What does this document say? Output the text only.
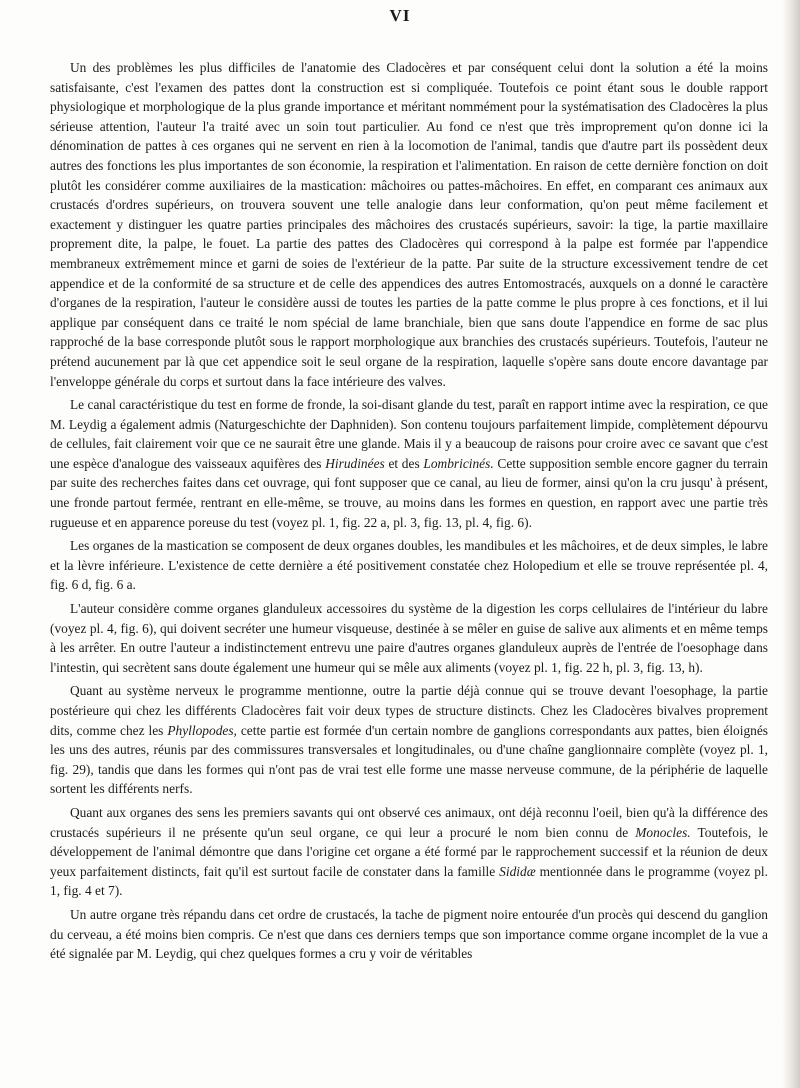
VI

Un des problèmes les plus difficiles de l'anatomie des Cladocères et par conséquent celui dont la solution a été la moins satisfaisante, c'est l'examen des pattes dont la construction est si compliquée. Toutefois ce point étant sous le double rapport physiologique et morphologique de la plus grande importance et méritant nommément pour la systématisation des Cladocères la plus sérieuse attention, l'auteur l'a traité avec un soin tout particulier. Au fond ce n'est que très improprement qu'on donne ici la dénomination de pattes à ces organes qui ne servent en rien à la locomotion de l'animal, tandis que d'autre part ils possèdent deux autres des fonctions les plus importantes de son économie, la respiration et l'alimentation. En raison de cette dernière fonction on doit plutôt les considérer comme auxiliaires de la mastication: mâchoires ou pattes-mâchoires. En effet, en comparant ces animaux aux crustacés d'ordres supérieurs, on trouvera souvent une telle analogie dans leur conformation, qu'on peut même facilement et exactement y distinguer les quatre parties principales des mâchoires des crustacés supérieurs, savoir: la tige, la partie maxillaire proprement dite, la palpe, le fouet. La partie des pattes des Cladocères qui correspond à la palpe est formée par l'appendice membraneux extrêmement mince et garni de soies de l'extérieur de la patte. Par suite de la structure excessivement tendre de cet appendice et de la conformité de sa structure et de celle des appendices des autres Entomostracés, auxquels on a donné le caractère d'organes de la respiration, l'auteur le considère aussi de toutes les parties de la patte comme le plus propre à ces fonctions, et il lui applique par conséquent dans ce traité le nom spécial de lame branchiale, bien que sans doute l'appendice en forme de sac plus rapproché de la base corresponde plutôt sous le rapport morphologique aux branchies des crustacés supérieurs. Toutefois, l'auteur ne prétend aucunement par là que cet appendice soit le seul organe de la respiration, laquelle s'opère sans doute encore davantage par l'enveloppe générale du corps et surtout dans la face intérieure des valves.

Le canal caractéristique du test en forme de fronde, la soi-disant glande du test, paraît en rapport intime avec la respiration, ce que M. Leydig a également admis (Naturgeschichte der Daphniden). Son contenu toujours parfaitement limpide, complètement dépourvu de cellules, fait clairement voir que ce ne saurait être une glande. Mais il y a beaucoup de raisons pour croire avec ce savant que c'est une espèce d'analogue des vaisseaux aquifères des Hirudinées et des Lombricinés. Cette supposition semble encore gagner du terrain par suite des recherches faites dans cet ouvrage, qui font supposer que ce canal, au lieu de former, ainsi qu'on la cru jusqu' à présent, une fronde partout fermée, rentrant en elle-même, se trouve, au moins dans les formes en question, en rapport avec une partie très rugueuse et en apparence poreuse du test (voyez pl. 1, fig. 22 a, pl. 3, fig. 13, pl. 4, fig. 6).

Les organes de la mastication se composent de deux organes doubles, les mandibules et les mâchoires, et de deux simples, le labre et la lèvre inférieure. L'existence de cette dernière a été positivement constatée chez Holopedium et elle se trouve représentée pl. 4, fig. 6 d, fig. 6 a.

L'auteur considère comme organes glanduleux accessoires du système de la digestion les corps cellulaires de l'intérieur du labre (voyez pl. 4, fig. 6), qui doivent secréter une humeur visqueuse, destinée à se mêler en guise de salive aux aliments et en même temps à les arrêter. En outre l'auteur a indistinctement entrevu une paire d'autres organes glanduleux auprès de l'entrée de l'oesophage dans l'intestin, qui secrètent sans doute également une humeur qui se mêle aux aliments (voyez pl. 1, fig. 22 h, pl. 3, fig. 13, h).

Quant au système nerveux le programme mentionne, outre la partie déjà connue qui se trouve devant l'oesophage, la partie postérieure qui chez les différents Cladocères fait voir deux types de structure distincts. Chez les Cladocères bivalves proprement dits, comme chez les Phyllopodes, cette partie est formée d'un certain nombre de ganglions correspondants aux pattes, bien éloignés les uns des autres, réunis par des commissures transversales et longitudinales, ou d'une chaîne ganglionnaire complète (voyez pl. 1, fig. 29), tandis que dans les formes qui n'ont pas de vrai test elle forme une masse nerveuse commune, de la périphérie de laquelle sortent les différents nerfs.

Quant aux organes des sens les premiers savants qui ont observé ces animaux, ont déjà reconnu l'oeil, bien qu'à la différence des crustacés supérieurs il ne présente qu'un seul organe, ce qui leur a procuré le nom bien connu de Monocles. Toutefois, le développement de l'animal démontre que dans l'origine cet organe a été formé par le rapprochement successif et la réunion de deux yeux parfaitement distincts, fait qu'il est surtout facile de constater dans la famille Sididæ mentionnée dans le programme (voyez pl. 1, fig. 4 et 7).

Un autre organe très répandu dans cet ordre de crustacés, la tache de pigment noire entourée d'un procès qui descend du ganglion du cerveau, a été moins bien compris. Ce n'est que dans ces derniers temps que son importance comme organe incomplet de la vue a été signalée par M. Leydig, qui chez quelques formes a cru y voir de véritables
